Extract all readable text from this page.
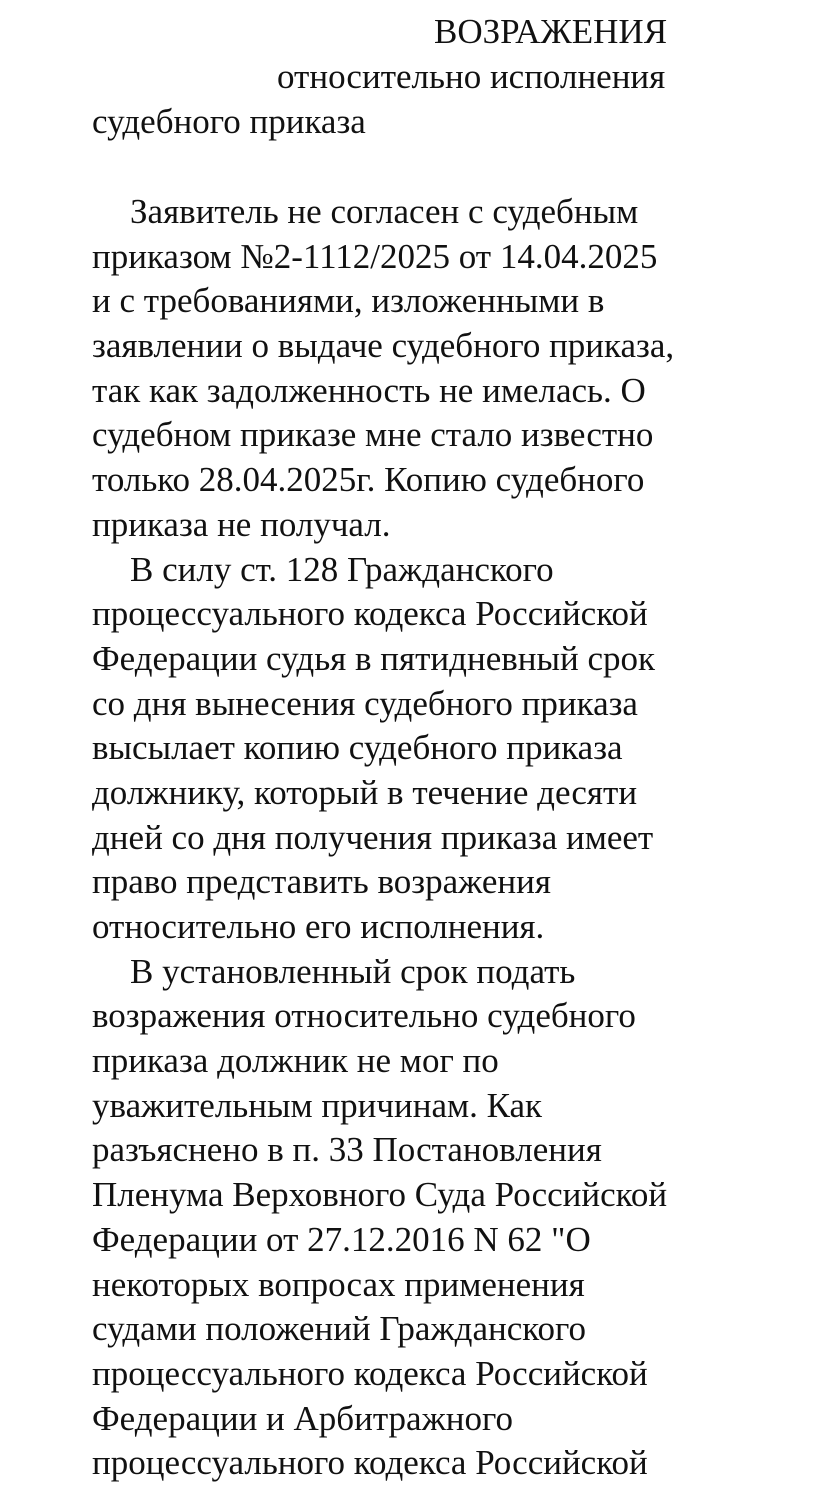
ВОЗРАЖЕНИЯ
относительно исполнения
судебного приказа
Заявитель не согласен с судебным
приказом №2-1112/2025 от 14.04.2025
и с требованиями, изложенными в
заявлении о выдаче судебного приказа,
так как задолженность не имелась. О
судебном приказе мне стало известно
только 28.04.2025г. Копию судебного
приказа не получал.
В силу ст. 128 Гражданского
процессуального кодекса Российской
Федерации судья в пятидневный срок
со дня вынесения судебного приказа
высылает копию судебного приказа
должнику, который в течение десяти
дней со дня получения приказа имеет
право представить возражения
относительно его исполнения.
В установленный срок подать
возражения относительно судебного
приказа должник не мог по
уважительным причинам. Как
разъяснено в п. 33 Постановления
Пленума Верховного Суда Российской
Федерации от 27.12.2016 N 62 "О
некоторых вопросах применения
судами положений Гражданского
процессуального кодекса Российской
Федерации и Арбитражного
процессуального кодекса Российской
